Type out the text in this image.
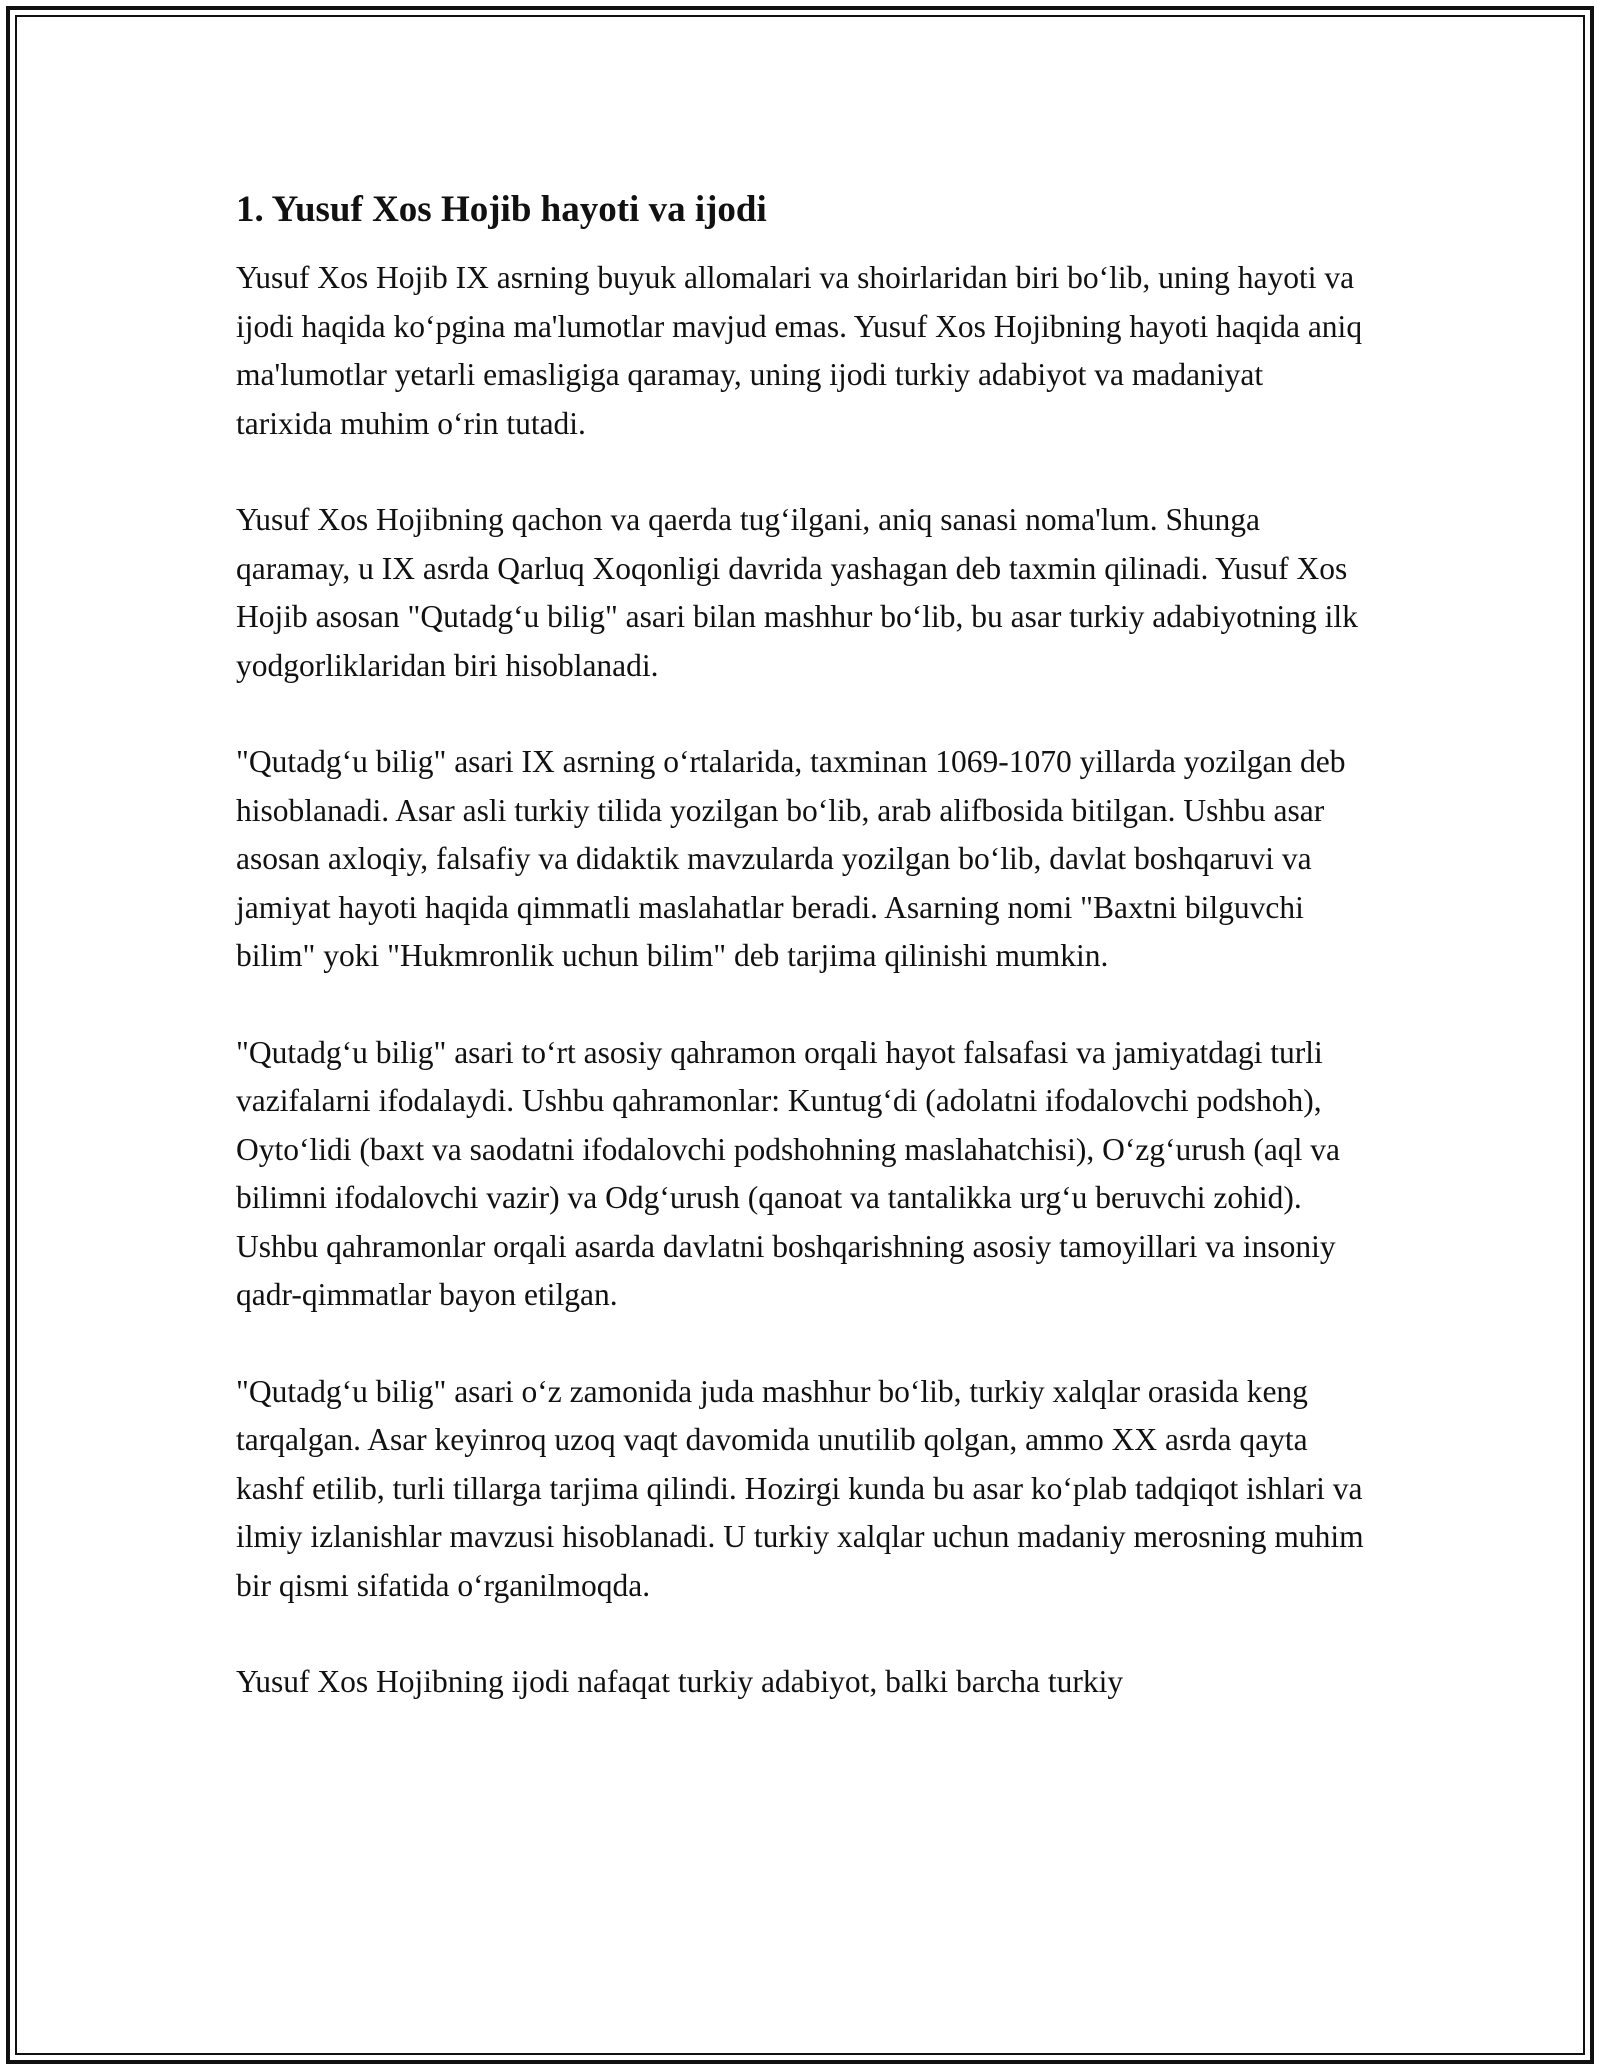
1. Yusuf Xos Hojib hayoti va ijodi

Yusuf Xos Hojib IX asrning buyuk allomalari va shoirlaridan biri bo‘lib, uning hayoti va ijodi haqida ko‘pgina ma'lumotlar mavjud emas. Yusuf Xos Hojibning hayoti haqida aniq ma'lumotlar yetarli emasligiga qaramay, uning ijodi turkiy adabiyot va madaniyat tarixida muhim o‘rin tutadi.

Yusuf Xos Hojibning qachon va qaerda tug‘ilgani, aniq sanasi noma'lum. Shunga qaramay, u IX asrda Qarluq Xoqonligi davrida yashagan deb taxmin qilinadi. Yusuf Xos Hojib asosan "Qutadg‘u bilig" asari bilan mashhur bo‘lib, bu asar turkiy adabiyotning ilk yodgorliklaridan biri hisoblanadi.

"Qutadg‘u bilig" asari IX asrning o‘rtalarida, taxminan 1069-1070 yillarda yozilgan deb hisoblanadi. Asar asli turkiy tilida yozilgan bo‘lib, arab alifbosida bitilgan. Ushbu asar asosan axloqiy, falsafiy va didaktik mavzularda yozilgan bo‘lib, davlat boshqaruvi va jamiyat hayoti haqida qimmatli maslahatlar beradi. Asarning nomi "Baxtni bilguvchi bilim" yoki "Hukmronlik uchun bilim" deb tarjima qilinishi mumkin.

"Qutadg‘u bilig" asari to‘rt asosiy qahramon orqali hayot falsafasi va jamiyatdagi turli vazifalarni ifodalaydi. Ushbu qahramonlar: Kuntug‘di (adolatni ifodalovchi podshoh), Oyto‘lidi (baxt va saodatni ifodalovchi podshohning maslahatchisi), O‘zg‘urush (aql va bilimni ifodalovchi vazir) va Odg‘urush (qanoat va tantalikka urg‘u beruvchi zohid). Ushbu qahramonlar orqali asarda davlatni boshqarishning asosiy tamoyillari va insoniy qadr-qimmatlar bayon etilgan.

"Qutadg‘u bilig" asari o‘z zamonida juda mashhur bo‘lib, turkiy xalqlar orasida keng tarqalgan. Asar keyinroq uzoq vaqt davomida unutilib qolgan, ammo XX asrda qayta kashf etilib, turli tillarga tarjima qilindi. Hozirgi kunda bu asar ko‘plab tadqiqot ishlari va ilmiy izlanishlar mavzusi hisoblanadi. U turkiy xalqlar uchun madaniy merosning muhim bir qismi sifatida o‘rganilmoqda.

Yusuf Xos Hojibning ijodi nafaqat turkiy adabiyot, balki barcha turkiy
